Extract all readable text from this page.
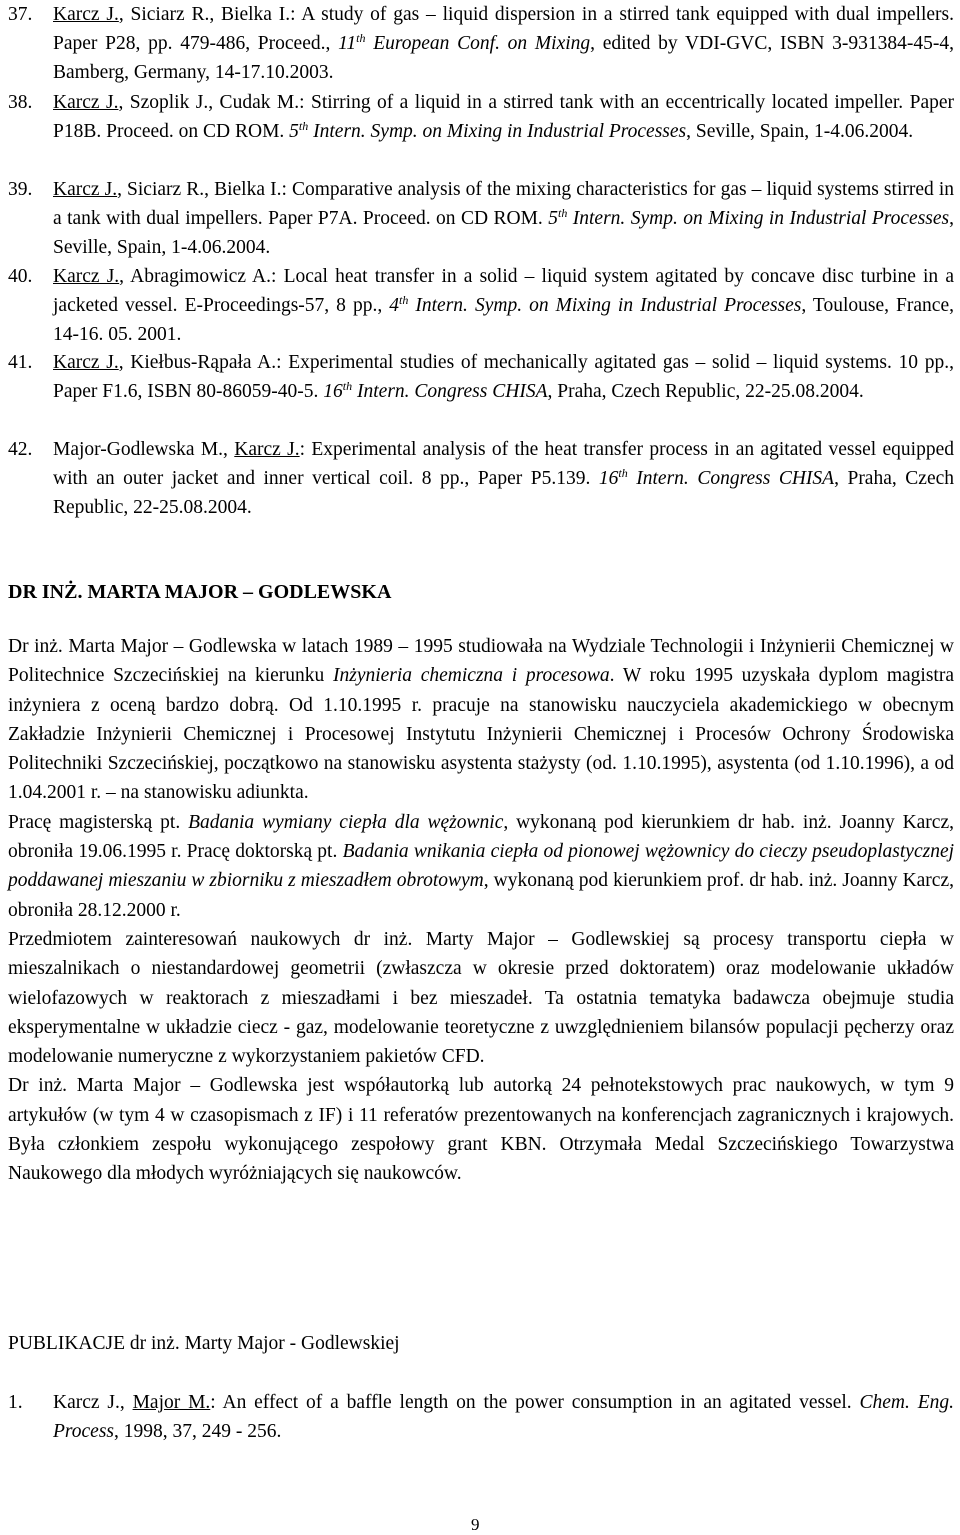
37. Karcz J., Siciarz R., Bielka I.: A study of gas – liquid dispersion in a stirred tank equipped with dual impellers. Paper P28, pp. 479-486, Proceed., 11th European Conf. on Mixing, edited by VDI-GVC, ISBN 3-931384-45-4, Bamberg, Germany, 14-17.10.2003.
38. Karcz J., Szoplik J., Cudak M.: Stirring of a liquid in a stirred tank with an eccentrically located impeller. Paper P18B. Proceed. on CD ROM. 5th Intern. Symp. on Mixing in Industrial Processes, Seville, Spain, 1-4.06.2004.
39. Karcz J., Siciarz R., Bielka I.: Comparative analysis of the mixing characteristics for gas – liquid systems stirred in a tank with dual impellers. Paper P7A. Proceed. on CD ROM. 5th Intern. Symp. on Mixing in Industrial Processes, Seville, Spain, 1-4.06.2004.
40. Karcz J., Abragimowicz A.: Local heat transfer in a solid – liquid system agitated by concave disc turbine in a jacketed vessel. E-Proceedings-57, 8 pp., 4th Intern. Symp. on Mixing in Industrial Processes, Toulouse, France, 14-16. 05. 2001.
41. Karcz J., Kiełbus-Rąpała A.: Experimental studies of mechanically agitated gas – solid – liquid systems. 10 pp., Paper F1.6, ISBN 80-86059-40-5. 16th Intern. Congress CHISA, Praha, Czech Republic, 22-25.08.2004.
42. Major-Godlewska M., Karcz J.: Experimental analysis of the heat transfer process in an agitated vessel equipped with an outer jacket and inner vertical coil. 8 pp., Paper P5.139. 16th Intern. Congress CHISA, Praha, Czech Republic, 22-25.08.2004.
DR INŻ. MARTA MAJOR – GODLEWSKA

Dr inż. Marta Major – Godlewska w latach 1989 – 1995 studiowała na Wydziale Technologii i Inżynierii Chemicznej w Politechnice Szczecińskiej na kierunku Inżynieria chemiczna i procesowa. W roku 1995 uzyskała dyplom magistra inżyniera z oceną bardzo dobrą. Od 1.10.1995 r. pracuje na stanowisku nauczyciela akademickiego w obecnym Zakładzie Inżynierii Chemicznej i Procesowej Instytutu Inżynierii Chemicznej i Procesów Ochrony Środowiska Politechniki Szczecińskiej, początkowo na stanowisku asystenta stażysty (od. 1.10.1995), asystenta (od 1.10.1996), a od 1.04.2001 r. – na stanowisku adiunkta.

Pracę magisterską pt. Badania wymiany ciepła dla wężownic, wykonaną pod kierunkiem dr hab. inż. Joanny Karcz, obroniła 19.06.1995 r. Pracę doktorską pt. Badania wnikania ciepła od pionowej wężownicy do cieczy pseudoplastycznej poddawanej mieszaniu w zbiorniku z mieszadłem obrotowym, wykonaną pod kierunkiem prof. dr hab. inż. Joanny Karcz, obroniła 28.12.2000 r.

Przedmiotem zainteresowań naukowych dr inż. Marty Major – Godlewskiej są procesy transportu ciepła w mieszalnikach o niestandardowej geometrii (zwłaszcza w okresie przed doktoratem) oraz modelowanie układów wielofazowych w reaktorach z mieszadłami i bez mieszadeł. Ta ostatnia tematyka badawcza obejmuje studia eksperymentalne w układzie ciecz - gaz, modelowanie teoretyczne z uwzględnieniem bilansów populacji pęcherzy oraz modelowanie numeryczne z wykorzystaniem pakietów CFD.

Dr inż. Marta Major – Godlewska jest współautorką lub autorką 24 pełnotekstowych prac naukowych, w tym 9 artykułów (w tym 4 w czasopismach z IF) i 11 referatów prezentowanych na konferencjach zagranicznych i krajowych. Była członkiem zespołu wykonującego zespołowy grant KBN. Otrzymała Medal Szczecińskiego Towarzystwa Naukowego dla młodych wyróżniających się naukowców.

PUBLIKACJE dr inż. Marty Major - Godlewskiej
1. Karcz J., Major M.: An effect of a baffle length on the power consumption in an agitated vessel. Chem. Eng. Process, 1998, 37, 249 - 256.
9
